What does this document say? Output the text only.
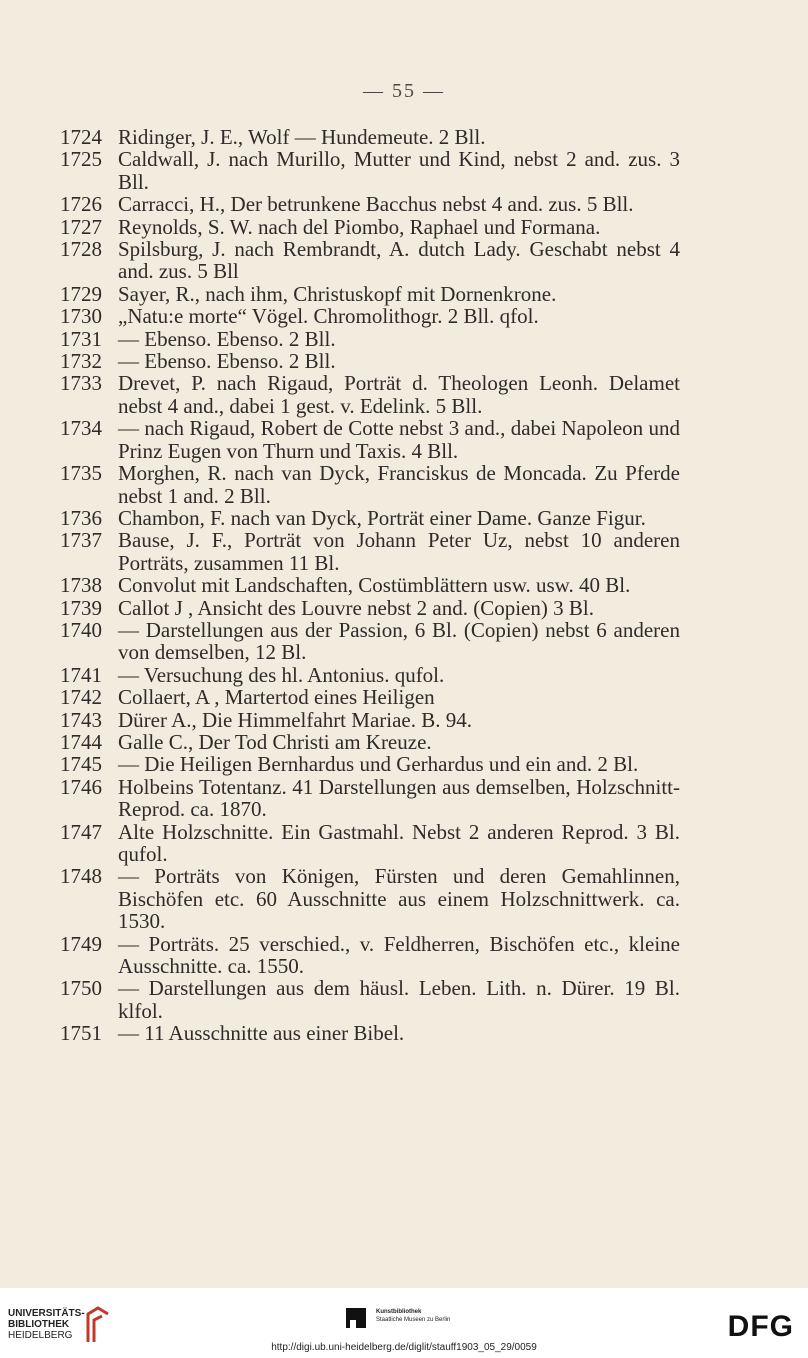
— 55 —
1724 Ridinger, J. E., Wolf — Hundemeute. 2 Bll.
1725 Caldwall, J. nach Murillo, Mutter und Kind, nebst 2 and. zus. 3 Bll.
1726 Carracci, H., Der betrunkene Bacchus nebst 4 and. zus. 5 Bll.
1727 Reynolds, S. W. nach del Piombo, Raphael und Formana.
1728 Spilsburg, J. nach Rembrandt, A. dutch Lady. Geschabt nebst 4 and. zus. 5 Bll
1729 Sayer, R., nach ihm, Christuskopf mit Dornenkrone.
1730 „Natu:e morte“ Vögel. Chromolithogr. 2 Bll. qfol.
1731 — Ebenso. Ebenso. 2 Bll.
1732 — Ebenso. Ebenso. 2 Bll.
1733 Drevet, P. nach Rigaud, Porträt d. Theologen Leonh. Delamet nebst 4 and., dabei 1 gest. v. Edelink. 5 Bll.
1734 — nach Rigaud, Robert de Cotte nebst 3 and., dabei Napoleon und Prinz Eugen von Thurn und Taxis. 4 Bll.
1735 Morghen, R. nach van Dyck, Franciskus de Moncada. Zu Pferde nebst 1 and. 2 Bll.
1736 Chambon, F. nach van Dyck, Porträt einer Dame. Ganze Figur.
1737 Bause, J. F., Porträt von Johann Peter Uz, nebst 10 anderen Porträts, zusammen 11 Bl.
1738 Convolut mit Landschaften, Costümblättern usw. usw. 40 Bl.
1739 Callot J , Ansicht des Louvre nebst 2 and. (Copien) 3 Bl.
1740 — Darstellungen aus der Passion, 6 Bl. (Copien) nebst 6 anderen von demselben, 12 Bl.
1741 — Versuchung des hl. Antonius. qufol.
1742 Collaert, A , Martertod eines Heiligen
1743 Dürer A., Die Himmelfahrt Mariae. B. 94.
1744 Galle C., Der Tod Christi am Kreuze.
1745 — Die Heiligen Bernhardus und Gerhardus und ein and. 2 Bl.
1746 Holbeins Totentanz. 41 Darstellungen aus demselben, Holzschnitt-Reprod. ca. 1870.
1747 Alte Holzschnitte. Ein Gastmahl. Nebst 2 anderen Reprod. 3 Bl. qufol.
1748 — Porträts von Königen, Fürsten und deren Gemahlinnen, Bischöfen etc. 60 Ausschnitte aus einem Holzschnittwerk. ca. 1530.
1749 — Porträts. 25 verschied., v. Feldherren, Bischöfen etc., kleine Ausschnitte. ca. 1550.
1750 — Darstellungen aus dem häusl. Leben. Lith. n. Dürer. 19 Bl. klfol.
1751 — 11 Ausschnitte aus einer Bibel.
UNIVERSITÄTS-
BIBLIOTHEK
HEIDELBERG
Kunstbibliothek
Staatliche Museen zu Berlin	DFG
http://digi.ub.uni-heidelberg.de/diglit/stauff1903_05_29/0059
